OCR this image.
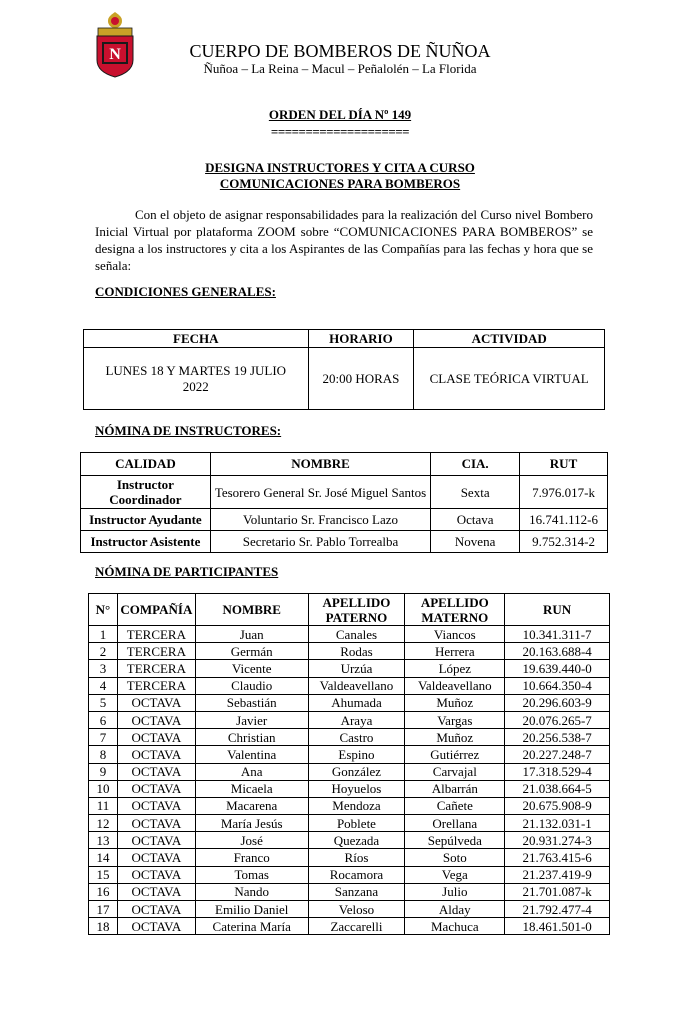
N	CUERPO DE BOMBEROS DE ÑUÑOA
Ñuñoa – La Reina – Macul – Peñalolén – La Florida
ORDEN DEL DÍA Nº 149
====================
DESIGNA INSTRUCTORES Y CITA A CURSO
COMUNICACIONES PARA BOMBEROS

Con el objeto de asignar responsabilidades para la realización del Curso nivel Bombero Inicial Virtual por plataforma ZOOM sobre “COMUNICACIONES PARA BOMBEROS” se designa a los instructores y cita a los Aspirantes de las Compañías para las fechas y hora que se señala:

CONDICIONES GENERALES:
FECHA	HORARIO	ACTIVIDAD
LUNES 18 Y MARTES 19 JULIO 2022	20:00 HORAS	CLASE TEÓRICA VIRTUAL
NÓMINA DE INSTRUCTORES:
CALIDAD	NOMBRE	CIA.	RUT
Instructor Coordinador	Tesorero General Sr. José Miguel Santos	Sexta	7.976.017-k
Instructor Ayudante	Voluntario Sr. Francisco Lazo	Octava	16.741.112-6
Instructor Asistente	Secretario Sr. Pablo Torrealba	Novena	9.752.314-2
NÓMINA DE PARTICIPANTES
N°	COMPAÑÍA	NOMBRE	APELLIDO PATERNO	APELLIDO MATERNO	RUN
1	TERCERA	Juan	Canales	Viancos	10.341.311-7
2	TERCERA	Germán	Rodas	Herrera	20.163.688-4
3	TERCERA	Vicente	Urzúa	López	19.639.440-0
4	TERCERA	Claudio	Valdeavellano	Valdeavellano	10.664.350-4
5	OCTAVA	Sebastián	Ahumada	Muñoz	20.296.603-9
6	OCTAVA	Javier	Araya	Vargas	20.076.265-7
7	OCTAVA	Christian	Castro	Muñoz	20.256.538-7
8	OCTAVA	Valentina	Espino	Gutiérrez	20.227.248-7
9	OCTAVA	Ana	González	Carvajal	17.318.529-4
10	OCTAVA	Micaela	Hoyuelos	Albarrán	21.038.664-5
11	OCTAVA	Macarena	Mendoza	Cañete	20.675.908-9
12	OCTAVA	María Jesús	Poblete	Orellana	21.132.031-1
13	OCTAVA	José	Quezada	Sepúlveda	20.931.274-3
14	OCTAVA	Franco	Ríos	Soto	21.763.415-6
15	OCTAVA	Tomas	Rocamora	Vega	21.237.419-9
16	OCTAVA	Nando	Sanzana	Julio	21.701.087-k
17	OCTAVA	Emilio Daniel	Veloso	Alday	21.792.477-4
18	OCTAVA	Caterina María	Zaccarelli	Machuca	18.461.501-0
